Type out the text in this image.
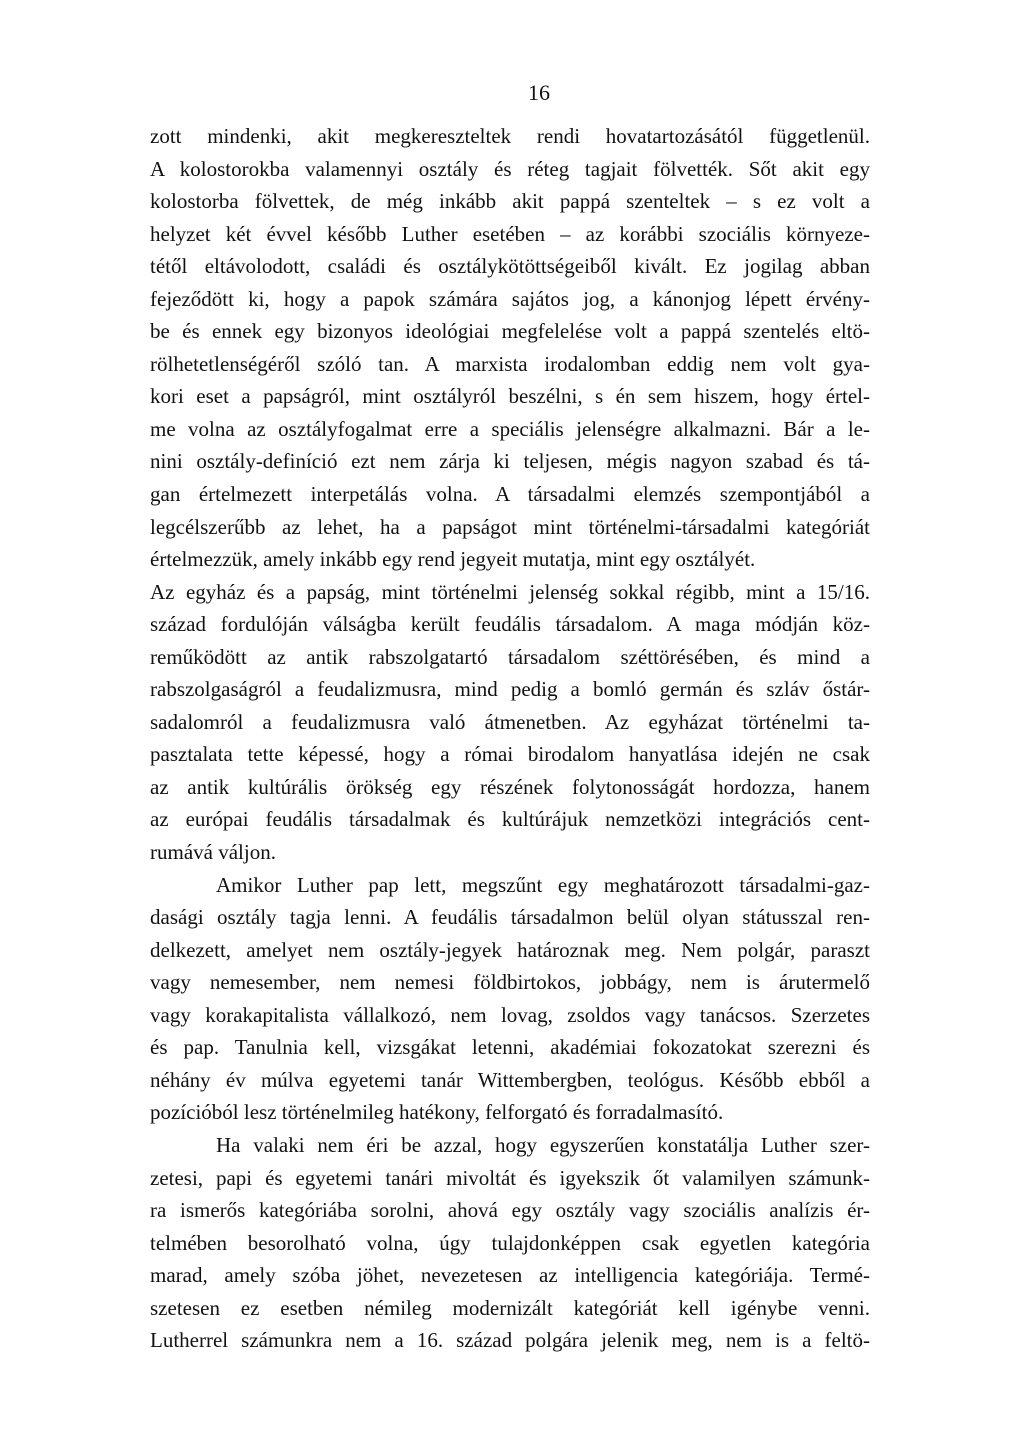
16
zott mindenki, akit megkereszteltek rendi hovatartozásától függetlenül.
A kolostorokba valamennyi osztály és réteg tagjait fölvették. Sőt akit egy
kolostorba fölvettek, de még inkább akit pappá szenteltek – s ez volt a
helyzet két évvel később Luther esetében – az korábbi szociális környeze-
tétől eltávolodott, családi és osztálykötöttségeiből kivált. Ez jogilag abban
fejeződött ki, hogy a papok számára sajátos jog, a kánonjog lépett érvény-
be és ennek egy bizonyos ideológiai megfelelése volt a pappá szentelés eltö-
rölhetetlenségéről szóló tan. A marxista irodalomban eddig nem volt gya-
kori eset a papságról, mint osztályról beszélni, s én sem hiszem, hogy értel-
me volna az osztályfogalmat erre a speciális jelenségre alkalmazni. Bár a le-
nini osztály-definíció ezt nem zárja ki teljesen, mégis nagyon szabad és tá-
gan értelmezett interpetálás volna. A társadalmi elemzés szempontjából a
legcélszerűbb az lehet, ha a papságot mint történelmi-társadalmi kategóriát
értelmezzük, amely inkább egy rend jegyeit mutatja, mint egy osztályét.
Az egyház és a papság, mint történelmi jelenség sokkal régibb, mint a 15/16.
század fordulóján válságba került feudális társadalom. A maga módján köz-
reműködött az antik rabszolgatartó társadalom széttörésében, és mind a
rabszolgaságról a feudalizmusra, mind pedig a bomló germán és szláv őstár-
sadalomról a feudalizmusra való átmenetben. Az egyházat történelmi ta-
pasztalata tette képessé, hogy a római birodalom hanyatlása idején ne csak
az antik kultúrális örökség egy részének folytonosságát hordozza, hanem
az európai feudális társadalmak és kultúrájuk nemzetközi integrációs cent-
rumává váljon.
Amikor Luther pap lett, megszűnt egy meghatározott társadalmi-gaz-
dasági osztály tagja lenni. A feudális társadalmon belül olyan státusszal ren-
delkezett, amelyet nem osztály-jegyek határoznak meg. Nem polgár, paraszt
vagy nemesember, nem nemesi földbirtokos, jobbágy, nem is árutermelő
vagy korakapitalista vállalkozó, nem lovag, zsoldos vagy tanácsos. Szerzetes
és pap. Tanulnia kell, vizsgákat letenni, akadémiai fokozatokat szerezni és
néhány év múlva egyetemi tanár Wittembergben, teológus. Később ebből a
pozícióból lesz történelmileg hatékony, felforgató és forradalmasító.
Ha valaki nem éri be azzal, hogy egyszerűen konstatálja Luther szer-
zetesi, papi és egyetemi tanári mivoltát és igyekszik őt valamilyen számunk-
ra ismerős kategóriába sorolni, ahová egy osztály vagy szociális analízis ér-
telmében besorolható volna, úgy tulajdonképpen csak egyetlen kategória
marad, amely szóba jöhet, nevezetesen az intelligencia kategóriája. Termé-
szetesen ez esetben némileg modernizált kategóriát kell igénybe venni.
Lutherrel számunkra nem a 16. század polgára jelenik meg, nem is a feltö-
